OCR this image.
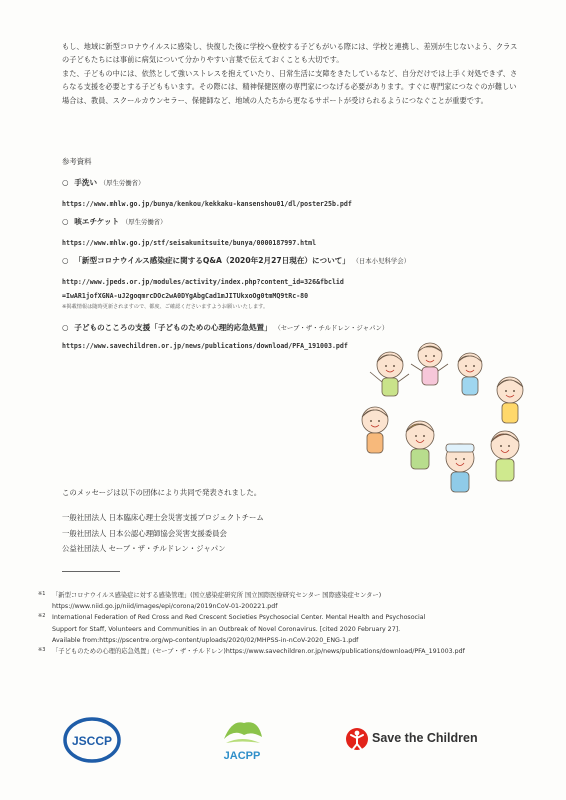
もし、地域に新型コロナウイルスに感染し、快復した後に学校へ登校する子どもがいる際には、学校と連携し、差別が生じないよう、クラスの子どもたちには事前に病気について分かりやすい言葉で伝えておくことも大切です。
また、子どもの中には、依然として強いストレスを抱えていたり、日常生活に支障をきたしているなど、自分だけでは上手く対処できず、さらなる支援を必要とする子どももいます。その際には、精神保健医療の専門家につなげる必要があります。すぐに専門家につなぐのが難しい場合は、教員、スクールカウンセラー、保健師など、地域の人たちから更なるサポートが受けられるようにつなぐことが重要です。
参考資料
○ 手洗い （厚生労働省）
https://www.mhlw.go.jp/bunya/kenkou/kekkaku-kansenshou01/dl/poster25b.pdf
○ 咳エチケット （厚生労働省）
https://www.mhlw.go.jp/stf/seisakunitsuite/bunya/0000187997.html
○ 「新型コロナウイルス感染症に関するQ&A（2020年2月27日現在）について」 （日本小児科学会）
http://www.jpeds.or.jp/modules/activity/index.php?content_id=326&fbclid
=IwAR1jofXGNA-uJ2goqmrcDOc2wA0DYgAbgCad1mJITUkxoOg0tmMQ9tRc-80
※掲載情報は随時更新されますので、都度、ご確認くださいますようお願いいたします。
○ 子どものこころの支援「子どものための心理的応急処置」 （セーブ・ザ・チルドレン・ジャパン）
https://www.savechildren.or.jp/news/publications/download/PFA_191003.pdf
このメッセージは以下の団体により共同で発表されました。
一般社団法人 日本臨床心理士会災害支援プロジェクトチーム
一般社団法人 日本公認心理師協会災害支援委員会
公益社団法人 セーブ・ザ・チルドレン・ジャパン
※1 「新型コロナウイルス感染症に対する感染管理」(国立感染症研究所 国立国際医療研究センター 国際感染症センター)
https://www.niid.go.jp/niid/images/epi/corona/2019nCoV-01-200221.pdf
※2 International Federation of Red Cross and Red Crescent Societies Psychosocial Center. Mental Health and Psychosocial
Support for Staff, Volunteers and Communities in an Outbreak of Novel Coronavirus. [cited 2020 February 27].
Available from:https://pscentre.org/wp-content/uploads/2020/02/MHPSS-in-nCoV-2020_ENG-1.pdf
※3 「子どものための心理的応急処置」(セーブ・ザ・チルドレン)https://www.savechildren.or.jp/news/publications/download/PFA_191003.pdf
JSCCP
JACPP
Save the Children
